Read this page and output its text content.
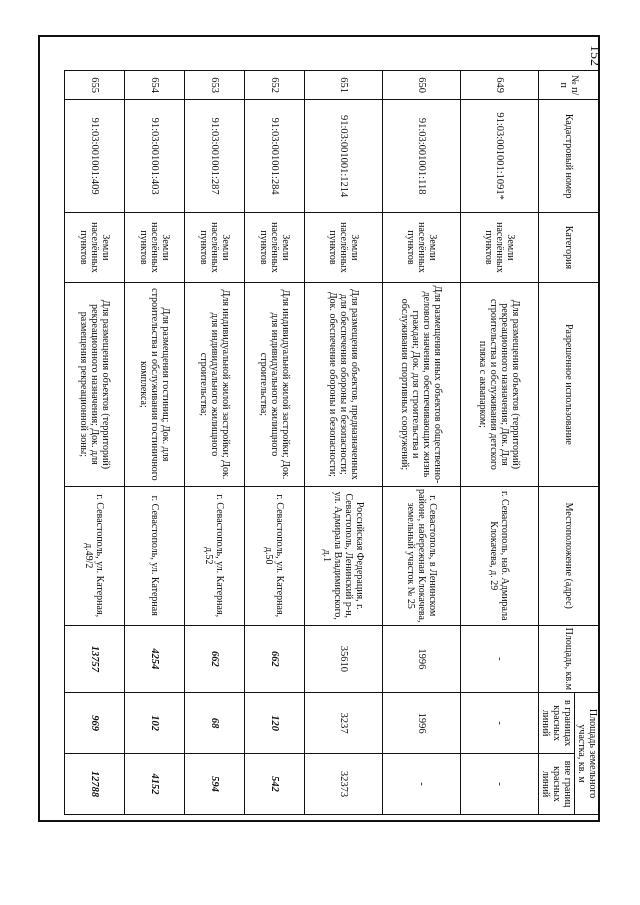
152
№ п/п	Кадастровый номер	Категория	Разрешенное использование	Местоположение (адрес)	Площадь, кв.м	Площадь земельного участка, кв. м	
						в границах красных линий	вне границ красных линий
649	91:03:001001:1091*	Земли населённых пунктов	Для размещения объектов (территорий) рекреационного назначения; Док. Для строительства и обслуживания детского пляжа с аквапарком;	г. Севастополь, наб. Адмирала Клокачева, д. 29	-	-	-
650	91:03:001001:118	Земли населённых пунктов	Для размещения иных объектов общественно-делового значения, обеспечивающих жизнь граждан; Док. для строительства и обслуживания спортивных сооружений;	г. Севастополь, в Ленинском районе, набережная Клокачева, земельный участок № 25	1996	1996	-
651	91:03:001001:1214	Земли населённых пунктов	Для размещения объектов, предназначенных для обеспечения обороны и безопасности; Док. обеспечение обороны и безопасности;	Российская Федерация, г. Севастополь, Ленинский р-н, ул. Адмирала Владимирского, д.1	35610	3237	32373
652	91:03:001001:284	Земли населённых пунктов	Для индивидуальной жилой застройки; Док. для индивидуального жилищного строительства;	г. Севастополь, ул. Катерная, д.50	662	120	542
653	91:03:001001:287	Земли населённых пунктов	Для индивидуальной жилой застройки; Док. для индивидуального жилищного строительства;	г. Севастополь, ул. Катерная, д.52	662	68	594
654	91:03:001001:403	Земли населённых пунктов	Для размещения гостиниц; Док. для строительства и обслуживания гостиничного комплекса;	г. Севастополь, ул. Катерная	4254	102	4152
655	91:03:001001:409	Земли населённых пунктов	Для размещения объектов (территорий) рекреационного назначения; Док. для размещения рекреационной зоны;	г. Севастополь, ул. Катерная, д.49/2	13757	969	12788
